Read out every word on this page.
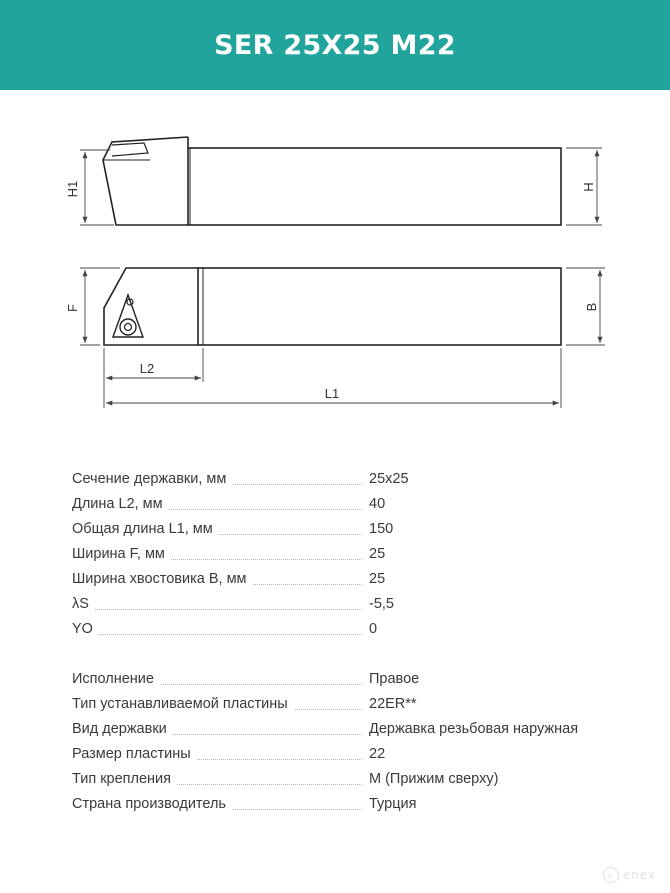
SER 25X25 M22
H1	H
F	B
L2
L1
Сечение державки, мм	25x25
Длина L2, мм	40
Общая длина L1, мм	150
Ширина F, мм	25
Ширина хвостовика B, мм	25
λS	-5,5
YO	0
Исполнение	Правое
Тип устанавливаемой пластины	22ER**
Вид державки	Державка резьбовая наружная
Размер пластины	22
Тип крепления	M (Прижим сверху)
Страна производитель	Турция
e enex
